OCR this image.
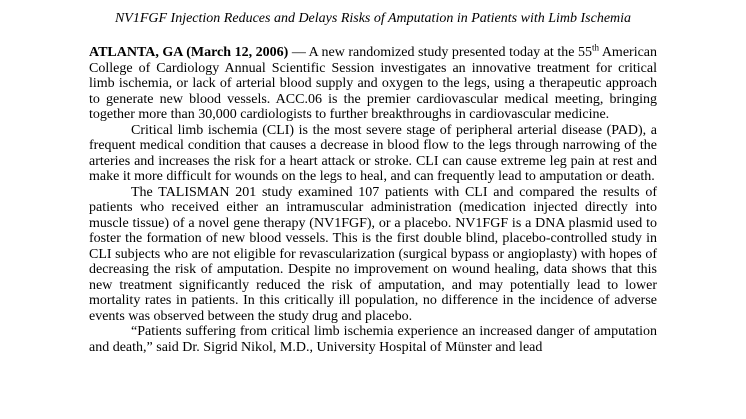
NV1FGF Injection Reduces and Delays Risks of Amputation in Patients with Limb Ischemia

ATLANTA, GA (March 12, 2006) — A new randomized study presented today at the 55th American College of Cardiology Annual Scientific Session investigates an innovative treatment for critical limb ischemia, or lack of arterial blood supply and oxygen to the legs, using a therapeutic approach to generate new blood vessels. ACC.06 is the premier cardiovascular medical meeting, bringing together more than 30,000 cardiologists to further breakthroughs in cardiovascular medicine.

Critical limb ischemia (CLI) is the most severe stage of peripheral arterial disease (PAD), a frequent medical condition that causes a decrease in blood flow to the legs through narrowing of the arteries and increases the risk for a heart attack or stroke. CLI can cause extreme leg pain at rest and make it more difficult for wounds on the legs to heal, and can frequently lead to amputation or death.

The TALISMAN 201 study examined 107 patients with CLI and compared the results of patients who received either an intramuscular administration (medication injected directly into muscle tissue) of a novel gene therapy (NV1FGF), or a placebo. NV1FGF is a DNA plasmid used to foster the formation of new blood vessels. This is the first double blind, placebo-controlled study in CLI subjects who are not eligible for revascularization (surgical bypass or angioplasty) with hopes of decreasing the risk of amputation. Despite no improvement on wound healing, data shows that this new treatment significantly reduced the risk of amputation, and may potentially lead to lower mortality rates in patients. In this critically ill population, no difference in the incidence of adverse events was observed between the study drug and placebo.

“Patients suffering from critical limb ischemia experience an increased danger of amputation and death,” said Dr. Sigrid Nikol, M.D., University Hospital of Münster and lead
